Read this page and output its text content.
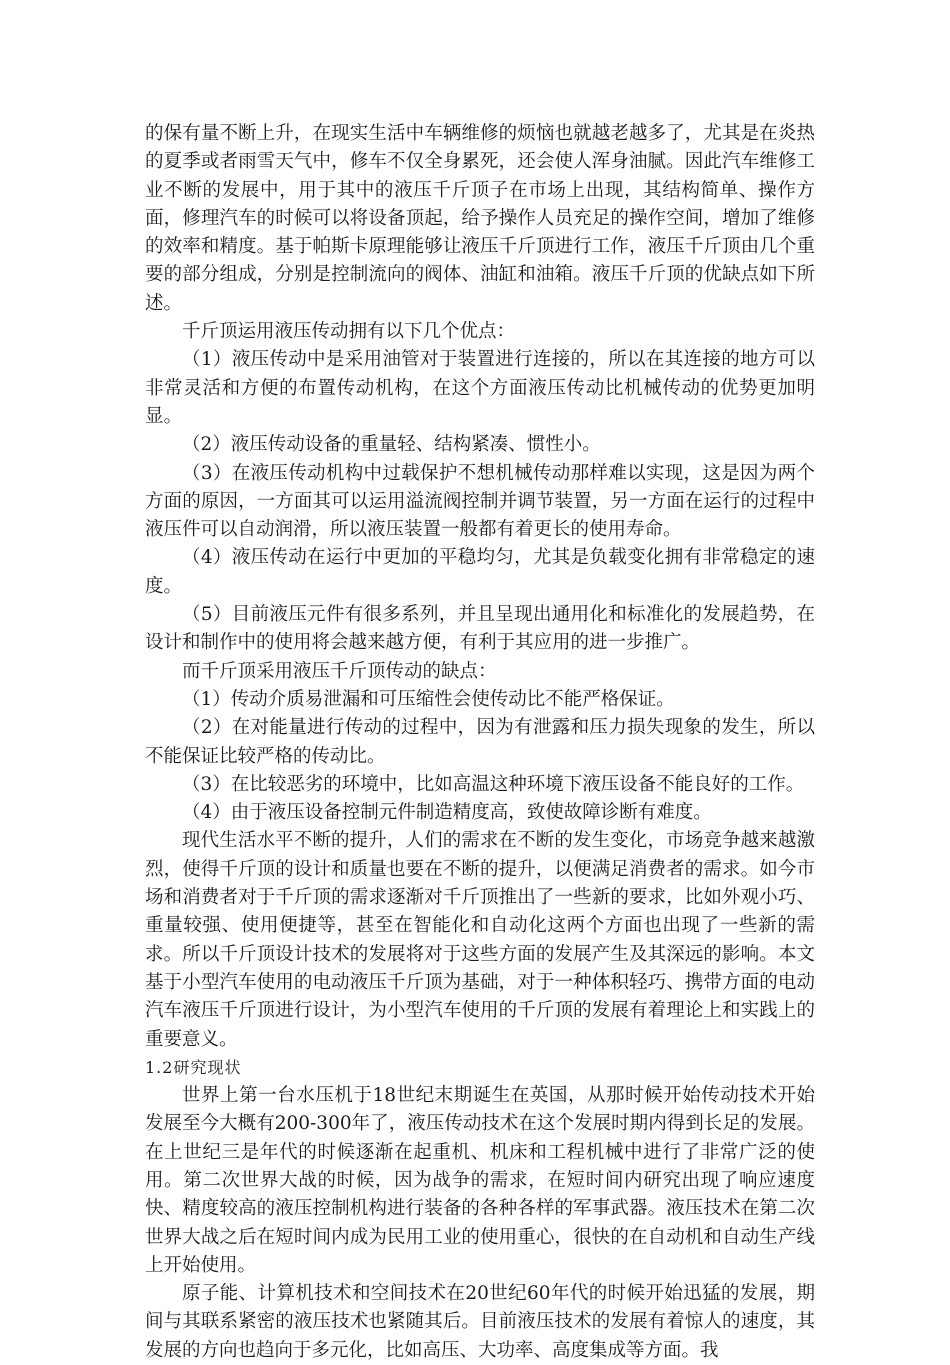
的保有量不断上升，在现实生活中车辆维修的烦恼也就越老越多了，尤其是在炎热的夏季或者雨雪天气中，修车不仅全身累死，还会使人浑身油腻。因此汽车维修工业不断的发展中，用于其中的液压千斤顶子在市场上出现，其结构简单、操作方面，修理汽车的时候可以将设备顶起，给予操作人员充足的操作空间，增加了维修的效率和精度。基于帕斯卡原理能够让液压千斤顶进行工作，液压千斤顶由几个重要的部分组成，分别是控制流向的阀体、油缸和油箱。液压千斤顶的优缺点如下所述。

千斤顶运用液压传动拥有以下几个优点：

（1）液压传动中是采用油管对于装置进行连接的，所以在其连接的地方可以非常灵活和方便的布置传动机构，在这个方面液压传动比机械传动的优势更加明显。

（2）液压传动设备的重量轻、结构紧凑、惯性小。

（3）在液压传动机构中过载保护不想机械传动那样难以实现，这是因为两个方面的原因，一方面其可以运用溢流阀控制并调节装置，另一方面在运行的过程中液压件可以自动润滑，所以液压装置一般都有着更长的使用寿命。

（4）液压传动在运行中更加的平稳均匀，尤其是负载变化拥有非常稳定的速度。

（5）目前液压元件有很多系列，并且呈现出通用化和标准化的发展趋势，在设计和制作中的使用将会越来越方便，有利于其应用的进一步推广。

而千斤顶采用液压千斤顶传动的缺点：

（1）传动介质易泄漏和可压缩性会使传动比不能严格保证。

（2）在对能量进行传动的过程中，因为有泄露和压力损失现象的发生，所以不能保证比较严格的传动比。

（3）在比较恶劣的环境中，比如高温这种环境下液压设备不能良好的工作。

（4）由于液压设备控制元件制造精度高，致使故障诊断有难度。

现代生活水平不断的提升，人们的需求在不断的发生变化，市场竞争越来越激烈，使得千斤顶的设计和质量也要在不断的提升，以便满足消费者的需求。如今市场和消费者对于千斤顶的需求逐渐对千斤顶推出了一些新的要求，比如外观小巧、重量较强、使用便捷等，甚至在智能化和自动化这两个方面也出现了一些新的需求。所以千斤顶设计技术的发展将对于这些方面的发展产生及其深远的影响。本文基于小型汽车使用的电动液压千斤顶为基础，对于一种体积轻巧、携带方面的电动汽车液压千斤顶进行设计，为小型汽车使用的千斤顶的发展有着理论上和实践上的重要意义。

1.2研究现状

世界上第一台水压机于18世纪末期诞生在英国，从那时候开始传动技术开始发展至今大概有200-300年了，液压传动技术在这个发展时期内得到长足的发展。在上世纪三是年代的时候逐渐在起重机、机床和工程机械中进行了非常广泛的使用。第二次世界大战的时候，因为战争的需求，在短时间内研究出现了响应速度快、精度较高的液压控制机构进行装备的各种各样的军事武器。液压技术在第二次世界大战之后在短时间内成为民用工业的使用重心，很快的在自动机和自动生产线上开始使用。

原子能、计算机技术和空间技术在20世纪60年代的时候开始迅猛的发展，期间与其联系紧密的液压技术也紧随其后。目前液压技术的发展有着惊人的速度，其发展的方向也趋向于多元化，比如高压、大功率、高度集成等方面。我
